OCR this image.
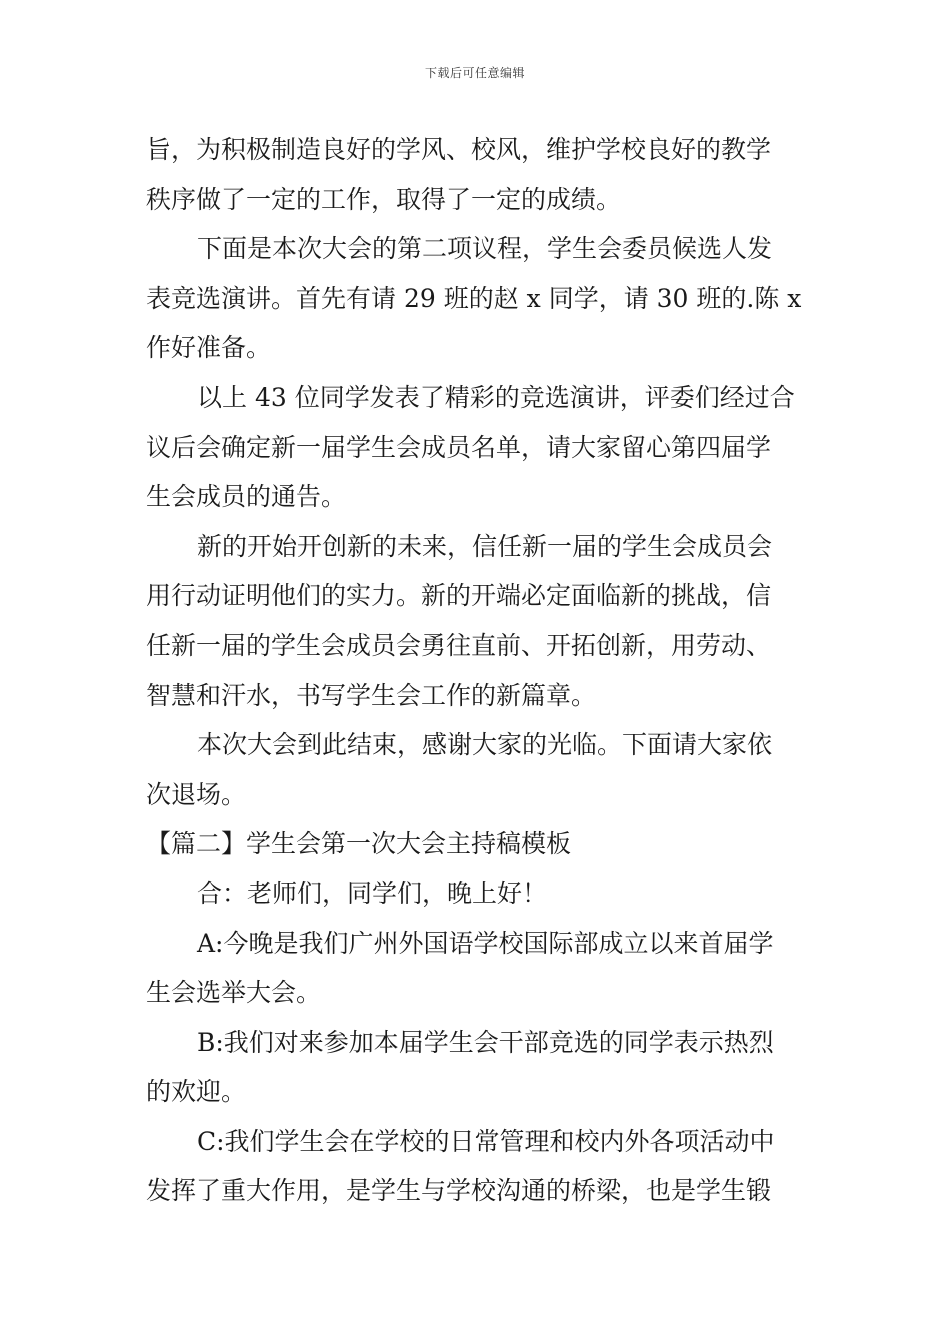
下载后可任意编辑
旨，为积极制造良好的学风、校风，维护学校良好的教学
秩序做了一定的工作，取得了一定的成绩。
下面是本次大会的第二项议程，学生会委员候选人发
表竞选演讲。首先有请 29 班的赵 x 同学，请 30 班的.陈 x
作好准备。
以上 43 位同学发表了精彩的竞选演讲，评委们经过合
议后会确定新一届学生会成员名单，请大家留心第四届学
生会成员的通告。
新的开始开创新的未来，信任新一届的学生会成员会
用行动证明他们的实力。新的开端必定面临新的挑战，信
任新一届的学生会成员会勇往直前、开拓创新，用劳动、
智慧和汗水，书写学生会工作的新篇章。
本次大会到此结束，感谢大家的光临。下面请大家依
次退场。
【篇二】学生会第一次大会主持稿模板
合：老师们，同学们，晚上好！
A:今晚是我们广州外国语学校国际部成立以来首届学
生会选举大会。
B:我们对来参加本届学生会干部竞选的同学表示热烈
的欢迎。
C:我们学生会在学校的日常管理和校内外各项活动中
发挥了重大作用，是学生与学校沟通的桥梁，也是学生锻
